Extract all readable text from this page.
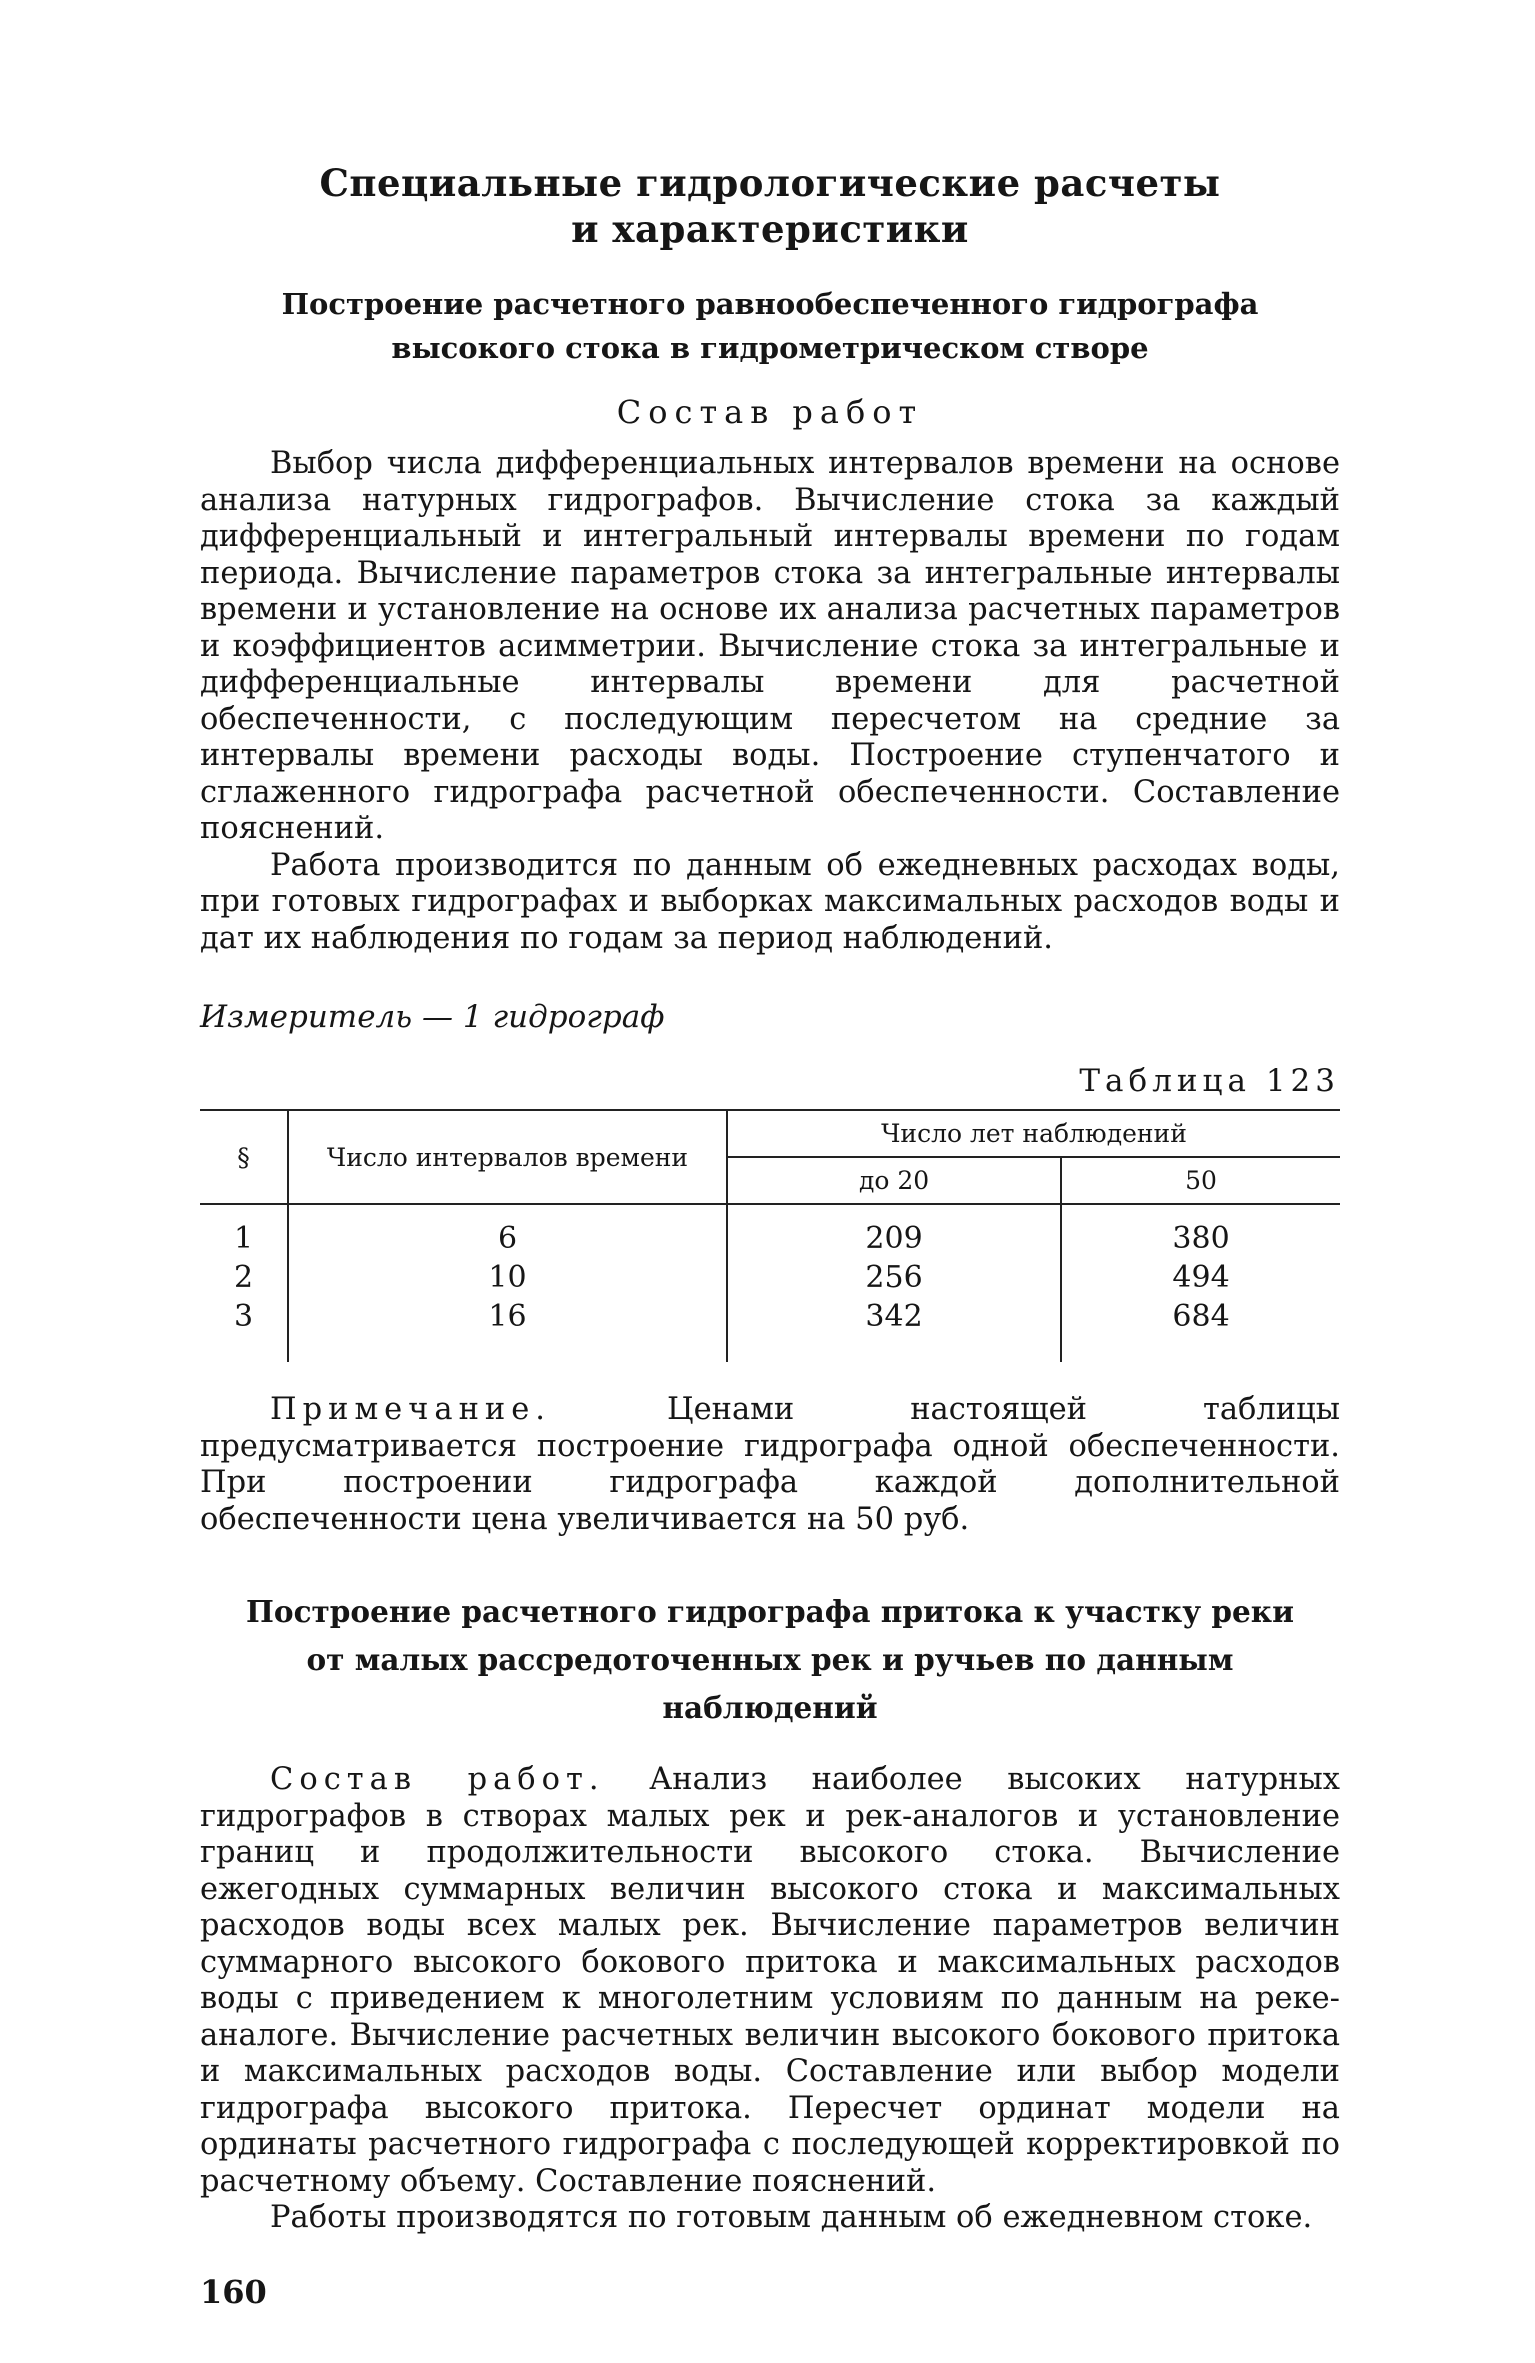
Специальные гидрологические расчеты
и характеристики
Построение расчетного равнообеспеченного гидрографа
высокого стока в гидрометрическом створе
Состав работ

Выбор числа дифференциальных интервалов времени на основе анализа натурных гидрографов. Вычисление стока за каждый дифференциальный и интегральный интервалы времени по годам периода. Вычисление параметров стока за интегральные интервалы времени и установление на основе их анализа расчетных параметров и коэффициентов асимметрии. Вычисление стока за интегральные и дифференциальные интервалы времени для расчетной обеспеченности, с последующим пересчетом на средние за интервалы времени расходы воды. Построение ступенчатого и сглаженного гидрографа расчетной обеспеченности. Составление пояснений.

Работа производится по данным об ежедневных расходах воды, при готовых гидрографах и выборках максимальных расходов воды и дат их наблюдения по годам за период наблюдений.

Измеритель — 1 гидрограф
Таблица 123
§	Число интервалов времени	Число лет наблюдений	
		до 20	50

1	6	209	380
2	10	256	494
3	16	342	684

Примечание.	Ценами настоящей таблицы предусматривается построение гидрографа одной обеспеченности. При построении гидрографа каждой дополнительной обеспеченности цена увеличивается на 50 руб.

Построение расчетного гидрографа притока к участку реки
от малых рассредоточенных рек и ручьев по данным наблюдений

Состав работ. Анализ наиболее высоких натурных гидрографов в створах малых рек и рек-аналогов и установление границ и продолжительности высокого стока. Вычисление ежегодных суммарных величин высокого стока и максимальных расходов воды всех малых рек. Вычисление параметров величин суммарного высокого бокового притока и максимальных расходов воды с приведением к многолетним условиям по данным на реке-аналоге. Вычисление расчетных величин высокого бокового притока и максимальных расходов воды. Составление или выбор модели гидрографа высокого притока. Пересчет ординат модели на ординаты расчетного гидрографа с последующей корректировкой по расчетному объему. Составление пояснений.

Работы производятся по готовым данным об ежедневном стоке.

160
